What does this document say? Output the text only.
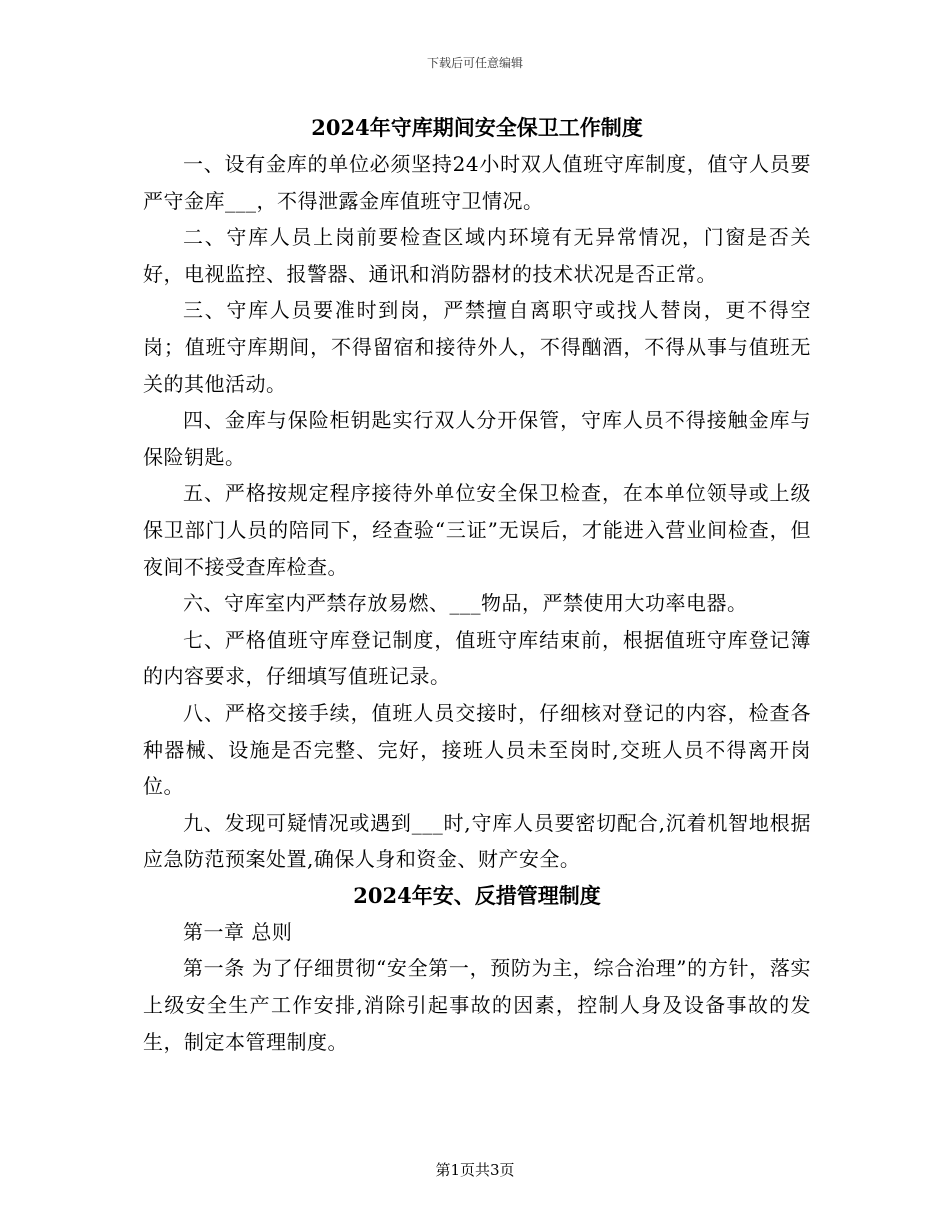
下载后可任意编辑
2024年守库期间安全保卫工作制度

一、设有金库的单位必须坚持24小时双人值班守库制度，值守人员要严守金库___，不得泄露金库值班守卫情况。

二、守库人员上岗前要检查区域内环境有无异常情况，门窗是否关好，电视监控、报警器、通讯和消防器材的技术状况是否正常。

三、守库人员要准时到岗，严禁擅自离职守或找人替岗，更不得空岗；值班守库期间，不得留宿和接待外人，不得酗酒，不得从事与值班无关的其他活动。

四、金库与保险柜钥匙实行双人分开保管，守库人员不得接触金库与保险钥匙。

五、严格按规定程序接待外单位安全保卫检查，在本单位领导或上级保卫部门人员的陪同下，经查验“三证”无误后，才能进入营业间检查，但夜间不接受查库检查。

六、守库室内严禁存放易燃、___物品，严禁使用大功率电器。

七、严格值班守库登记制度，值班守库结束前，根据值班守库登记簿的内容要求，仔细填写值班记录。

八、严格交接手续，值班人员交接时，仔细核对登记的内容，检查各种器械、设施是否完整、完好，接班人员未至岗时,交班人员不得离开岗位。

九、发现可疑情况或遇到___时,守库人员要密切配合,沉着机智地根据应急防范预案处置,确保人身和资金、财产安全。

2024年安、反措管理制度

第一章 总则

第一条 为了仔细贯彻“安全第一，预防为主，综合治理”的方针，落实上级安全生产工作安排,消除引起事故的因素，控制人身及设备事故的发生，制定本管理制度。

第1页共3页
